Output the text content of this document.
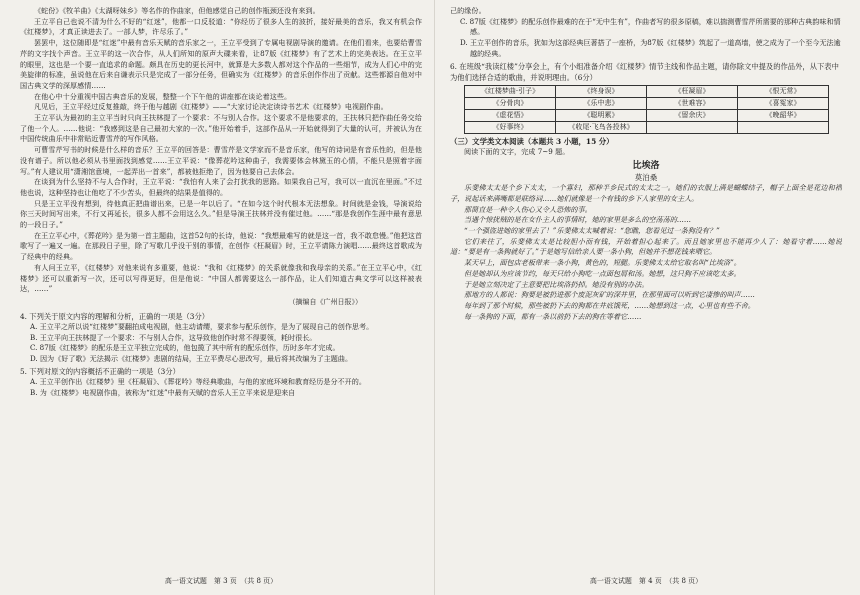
《蛇份》《牧羊曲》《太湖呀妹乡》等名作的作曲家，但他感觉自己的创作瓶颈还没有来到。

王立平自己也说不清为什么不好的“红迷”，他都一口反驳道：“你经历了很多人生的波折，接好最美的音乐，我又有机会作《红楼梦》，才真正读进去了。一部人梦，许尽乐了。”

罢罢中，这位随即是“红迷”中最有音乐天赋的音乐家之一，王立平受到了专属电视剧导演的邀请。在他们看来，也要给曹雪芹的文字找个声音。王立平的这一次合作，从人们所知的原声大碟来看，让87版《红楼梦》有了艺术上的完美表达。在王立平的眼里，这也是一个要一直追求的命题。颇具在历史的更长河中，就算是大多数人都对这个作品的一些细节，成为人们心中的完美旋律的标准，虽说他在后来自谦表示只是完成了一部分任务，但确实为《红楼梦》的音乐创作作出了贡献。这些都源自他对中国古典文学的深厚感情……

在他心中十分重视中国古典音乐的发展，整整一个下午他的讲座都在谈论着这些。

凡见后，王立平经过反复推敲，终于他与越剧《红楼梦》——“大家讨论决定读诗书艺术《红楼梦》电视剧作曲。

王立平认为最初的主立平当时只向王扶林提了一个要求：不与别人合作。这个要求不是他要求的，王扶林只把作曲任务交给了他一个人。……他说：“我感到这是自己最初大家的一次。”他开始着手，这部作品从一开始就得到了大量的认可，并被认为在中国传统曲乐中非常贴近曹雪芹的写作风格。

可曹雪芹写书的时候是什么样的音乐？王立平的回答是：曹雪芹是文学家而不是音乐家，他写的诗词是有音乐性的，但是他没有谱子。所以他必须从书里面找到感觉……王立平说：“像葬花吟这种曲子，我需要体会林黛玉的心情，不能只是照着字面写。”有人建议用“潇湘馆意境，一起弄出一首来”，都被他拒绝了，因为他要自己去体会。

在谈到为什么坚持不与人合作时，王立平说：“我怕有人来了会打扰我的思路。如果我自己写，我可以一直沉在里面。”不过他也说，这种坚持也让他吃了不少苦头，但最终的结果是值得的。

只是王立平没有想到，待他真正把曲谱出来，已是一年以后了。“在如今这个时代根本无法想象。时间就是金钱，导演说给你三天时间写出来，不行又再延长，很多人都不会用这么久。”但是导演王扶林并没有催过他。……“那是我创作生涯中最有意思的一段日子。”

在王立平心中，《葬花吟》是为第一首主题曲，这首52句的长诗，他说：“我想最难写的就是这一首，我不敢怠慢。”他把这首歌写了一遍又一遍。在那段日子里，除了写歌几乎没干别的事情，在创作《枉凝眉》时，王立平请陈力演唱……最终这首歌成为了经典中的经典。

有人问王立平，《红楼梦》对他来说有多重要，他说：“我和《红楼梦》的关系就像我和我母亲的关系。”在王立平心中，《红楼梦》还可以重新写一次，还可以写得更好，但是他说：“中国人都需要这么一部作品，让人们知道古典文学可以这样被表达，……”

（摘编自《广州日报》）

4. 下列关于原文内容的理解和分析，正确的一项是（3分）

A. 王立平之所以说“红楼梦”要翻拍成电视剧，他主动请缨，要求参与配乐创作，是为了展现自己的创作思考。

B. 王立平向王扶林提了一个要求：不与别人合作，这导致他创作时常不得要领，耗时很长。

C. 87版《红楼梦》的配乐是王立平独立完成的，他包揽了其中所有的配乐创作，历时多年才完成。

D. 因为《好了歌》无法揭示《红楼梦》悲剧的结局，王立平费尽心思改写，最后将其改编为了主题曲。

5. 下列对原文的内容概括不正确的一项是（3分）

A. 王立平创作出《红楼梦》里《枉凝眉》、《葬花吟》等经典歌曲，与他的家庭环境和教育经历是分不开的。

B. 为《红楼梦》电视剧作曲，被称为“红迷”中最有天赋的音乐人王立平来说是迎来自

高一语文试题　第 3 页　（共 8 页）

己的缘份。

C. 87版《红楼梦》的配乐创作最难的在于“无中生有”，作曲者写的很多原稿，难以揣测曹雪芹所需要的那种古典韵味和情感。

D. 王立平创作的音乐，犹如为这部经典巨著搭了一座桥，为87版《红楼梦》筑起了一道高墙，使之成为了一个至今无法逾越的经典。

6. 在班级“我读红楼”分享会上，有个小组准备介绍《红楼梦》情节主线和作品主题，请你除文中提及的作品外，从下表中为他们选择合适的歌曲，并说明理由。（6分）

《红楼梦曲·引子》	《终身误》	《枉凝眉》	《恨无常》
《分骨肉》	《乐中悲》	《世难容》	《喜冤家》
《虚花悟》	《聪明累》	《留余庆》	《晚韶华》
《好事终》	《收尾·飞鸟各投林》		

（三）文学类文本阅读（本题共 3 小题，15 分）

阅读下面的文字，完成 7~9 题。

比埃洛

莫泊桑

乐斐佛太太是个乡下太太，一个寡妇，那种半乡民式的太太之一。她们的衣服上满是蝴蝶结子，帽子上面全是花边和褶子，说起话来满嘴都是联络词……她们就像是一个有钱的乡下人家里的女主人。

那简直是一种令人伤心又令人恐怖的事。

当遇个惊扰贼的是在女仆主人的事情时，她的家里是多么的空荡荡的……

“一个强盗进她的家里去了！”乐斐佛太太喊着说：“您瞧，您看见过一条狗没有？”

它们来往了，乐斐佛太太是比较胆小而有钱，开始着担心起来了。而且她家里也不能再少人了：她看守着……她说道：“要是有一条狗就好了。”于是她写信给亲人要一条小狗，但她并不想花钱来喂它。

某天早上，面包店老板带来一条小狗，黄色的，短腿。乐斐佛太太给它取名叫“比埃洛”。

但是她却认为应该节约，每天只给小狗吃一点面包屑和汤。她想，这只狗不应该吃太多。

于是她立刻决定了主意要把比埃洛扔掉。她没有别的办法。

那地方的人都说：狗要是被扔进那个废泥灰矿的深井里，在那里面可以听到它凄惨的叫声……

每年到了那个时候，那些被扔下去的狗都在井底饿死，……她想到这一点，心里也有些不舍。

每一条狗的下面，都有一条以前扔下去的狗在等着它……

高一语文试题　第 4 页　（共 8 页）
